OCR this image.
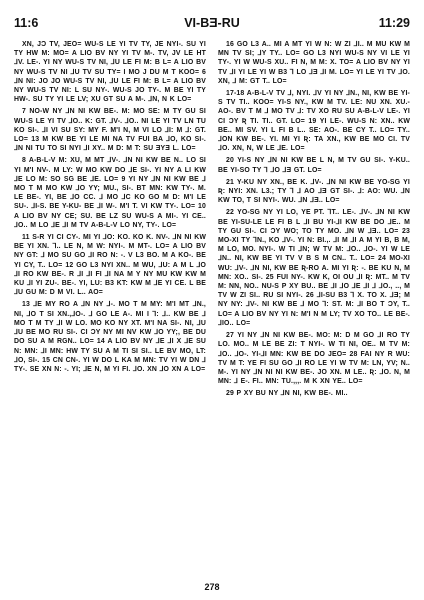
11:6	VI-BƎ-RU	11:29

XN, JƆ TV, JEO= WU-S LE YI TV TY, JE NYI-. SU YI TY HW M: MO= A LIO BV NY YI TV M-. TV, JV LE HT ⅃V. LE-. YI NY WU-S TV NI, ⅃U LE FI M: B L= A LIO BV NY WU-S TV NI ⅃U TV SU TY= I MO J DU M T KOO= 6 ⅃N NI: JO JO WU-S TV NI, ⅃U LE FI M: B L= A LIO BV NY WU-S TV NI: L SU NY-. WU-S JO TY-. M BE YI TY HW-. SU TY YI LE LV; XU GT SU A M-. ⅃N, N K LO=

7 NO-W NY ⅃N NI KW BE-. M: MO SE: M TY GU SI WU-S LE YI TV ⅃O.. K: GT. ⅃V-. ⅃O.. NI LE YI TV LN TU KO SI-. ⅃I VI SU SY: MY F. M'I N, M VI LO ⅃I: M ⅃: GT. LO= 13 M KW BE YI LE MI NA TV FUI BA ⅃O, KO SI-. ⅃N NI TU TO SI NYI ⅃I XY.. M D: M T: SU ƎYƎ L. LO=

8 A-B-L-V M: XU, M MT ⅃V-. ⅃N NI KW BE N.. LO SI YI M'I NV-. M LY: W MO KW DO ⅃E SI-. YI NY A LI KW ⅃E LO M: SO SG BE ⅃E. LO= 9 YI NY ⅃N NI KW BE ⅃ MO T M MO KW ⅃O YY; MU., SI-. BT MN: KW TY-. M. LE BE-. YI, BE ⅃O CC. ⅃ MO ⅃C KO GO M D: M'I LE SU-. ⅃I-S. BE Y-KU- BE ⅃I W-. M'I T. VI KW TY-. LO= 10 A LIO BV NY CE; SU. BE LZ SU WU-S A MI-. YI CE.. ⅃O.. M LO ⅃E ⅃I M TV A-B-L-V LO NY, TY-. LO=

11 S-R YI CI CY-. MI YI ⅃O: KO. KO K. NV-. ⅃N NI KW BE YI XN. ⅂.. LE N, M W: NYI-. M MT-. LO= A LIO BV NY GT: ⅃ MO SU GO ⅃I RO N: -. V L3 BO. M A KO-. BE YI CY, T.. LO= 12 GO L3 NYI XN.. M WU, ⅃U: A M L ⅃O ⅃I RO KW BE-. R ⅃I ⅃I FI ⅃I NA M Y NY MU KW KW M KU ⅃I YI ZU-. BE-. YI, LU: B3 KT: KW M ⅃E YI CE. L BE ⅃U GU M: D M VI. L.. AO=

13 ⅃E MY RO A ⅃N NY ⅃-. MO T M MY: M'I MT ⅃N., NI, ⅃O T SI XN.,⅃O-. ⅃ GO LE A-. MI I ⅂: ⅃.. KW BE ⅃ MO T M TY ⅃I W LO. MO KO NY XT. M'I NA SI-. NI, ⅃U ⅃U BE MO RU SI-. CI ƆY NY MI NV KW ⅃O YY;, BE DU DO SU A M RGN.. LO= 14 A LIO BV NY ⅃E ⅃I X ⅃E SU N: MN: ⅃I MN: HW TY SU A M TI SI SI.. LE BV MO, LT: ⅃O, SI-. 15 CN CN-. YI W DO L KA M MN: TV YI W DN ⅃ TY-. SE XN N: -. YI; ⅃E N, M YI FI. ⅃O. XN ⅃O XN A LO=

16 GO L3 A.. MI A MT YI W N: W ZI ⅃I.. M MU KW M MN TV SI; ⅃Y TY.. LO= GO L3 NYI WU-S NY VI LE YI TY-. YI W WU-S XU.. FI N, M M: X. TO= A LIO BV NY YI TV ⅃I YI LE YI W B3 ⅂ LO ⅃Ǝ ⅃I M. LO= YI LE YI TV ⅃O. XN, ⅃ M: GT T.. LO=

17-18 A-B-L-V TV ⅃, NYI. ⅃V YI NY ⅃N., NI, KW BE YI-S TV TI.. KOO= YI-S NY., KW M TV. LE: NU XN. XU.-AO-. BV T M ⅃ MO TV ⅃: TV XO RU SU A-B-L-V LE-. YI CI ƆY Ʀ TI. TI.. GT. LO= 19 YI LE-. WU-S N: XN.. KW BE.. MI SV. YI L FI B L.. SE: AO-. BE CY T.. LO= TY.. ⅃ON KW BE-. YI. MI YI Ʀ: TA XN., KW BE MO CI. TV ⅃O. XN, N, W LE ⅃E. LO=

20 YI-S NY ⅃N NI KW BE L N, M TV GU SI-. Y-KU.. BE YI-SO TY ⅂ ⅃O ⅃Ǝ GT. LO=

21 Y-KU NY XN., BE K. ⅃V-. ⅃N NI KW BE YO-SG YI Ʀ: NYI: XN. L3.; TY ⅂ ⅃ AO ⅃Ǝ GT SI-. ⅃: AO: WU. ⅃N KW TO, T SI NYI-. WU. ⅃N ⅃Ǝ.. LO=

22 YO-SG NY YI LO, YE PT. ⅂T.. LE-. ⅃V-. ⅃N NI KW BE YI-SU-LE LE FI B L ⅃I BU YI-⅃I KW BE DO ⅃E.. M TY GU SI-. CI ƆY WO; TO TY MO. ⅃N W ⅃Ǝ.. LO= 23 MO-XI TY ⅂N., KO ⅃V-. YI N: BI.,. ⅃I M ⅃I A M YI B, B M, M LO, MO. NYI-. W TI ⅃N; W TV M: ⅃O.. ⅃O-. YI W LE ⅃N.. NI, KW BE YI TV V B S M CN.. T.. LO= 24 MO-XI WU: ⅃V-. ⅃N NI, KW BE Ʀ-RO A. MI YI Ʀ: -. BE KU N, M MN: XO.. SI-. 25 FUI NY-. KW K, OI OU ⅃I Ʀ: MT.. M TV M: NN, NO.. NU-S P XY BU.. BE ⅃I ⅃O ⅃E ⅃I ⅃ ⅃O., .., M TV W ZI SI.. RU SI NYI-. 26 ⅃I-SU B3 ⅂ X. TO X. ⅃Ǝ; M NY NY: ⅃V-. NI KW BE ⅃ MO ⅂: ST. M: ⅃I BO T ƆY, T.. LO= A LIO BV NY YI N: M'I N M LY; TV XO TO.. LE BE-. ⅃IO.. LO=

27 YI NY ⅃N NI KW BE-. MO: M: D M GO ⅃I RO TY LO. MO.. M LE BE ZI: T NYI-. W TI NI, OE.. M TV M: ⅃O.. ⅃O-. YI-⅃I MN: KW BE DO JEO= 28 FAI NY R WU: TV M T: YE FI SU GO ⅃I RO LE YI W TV M: LN, YV; N.. M-. YI NY ⅃N NI NI KW BE-. JO XN. M LE.. Ʀ: ⅃O. N, M MN: ⅃ E-. FI.. MN: TU.,,,. M K XN YE.. LO=

29 P XY BU NY ⅃N NI, KW BE-. MI..

278
